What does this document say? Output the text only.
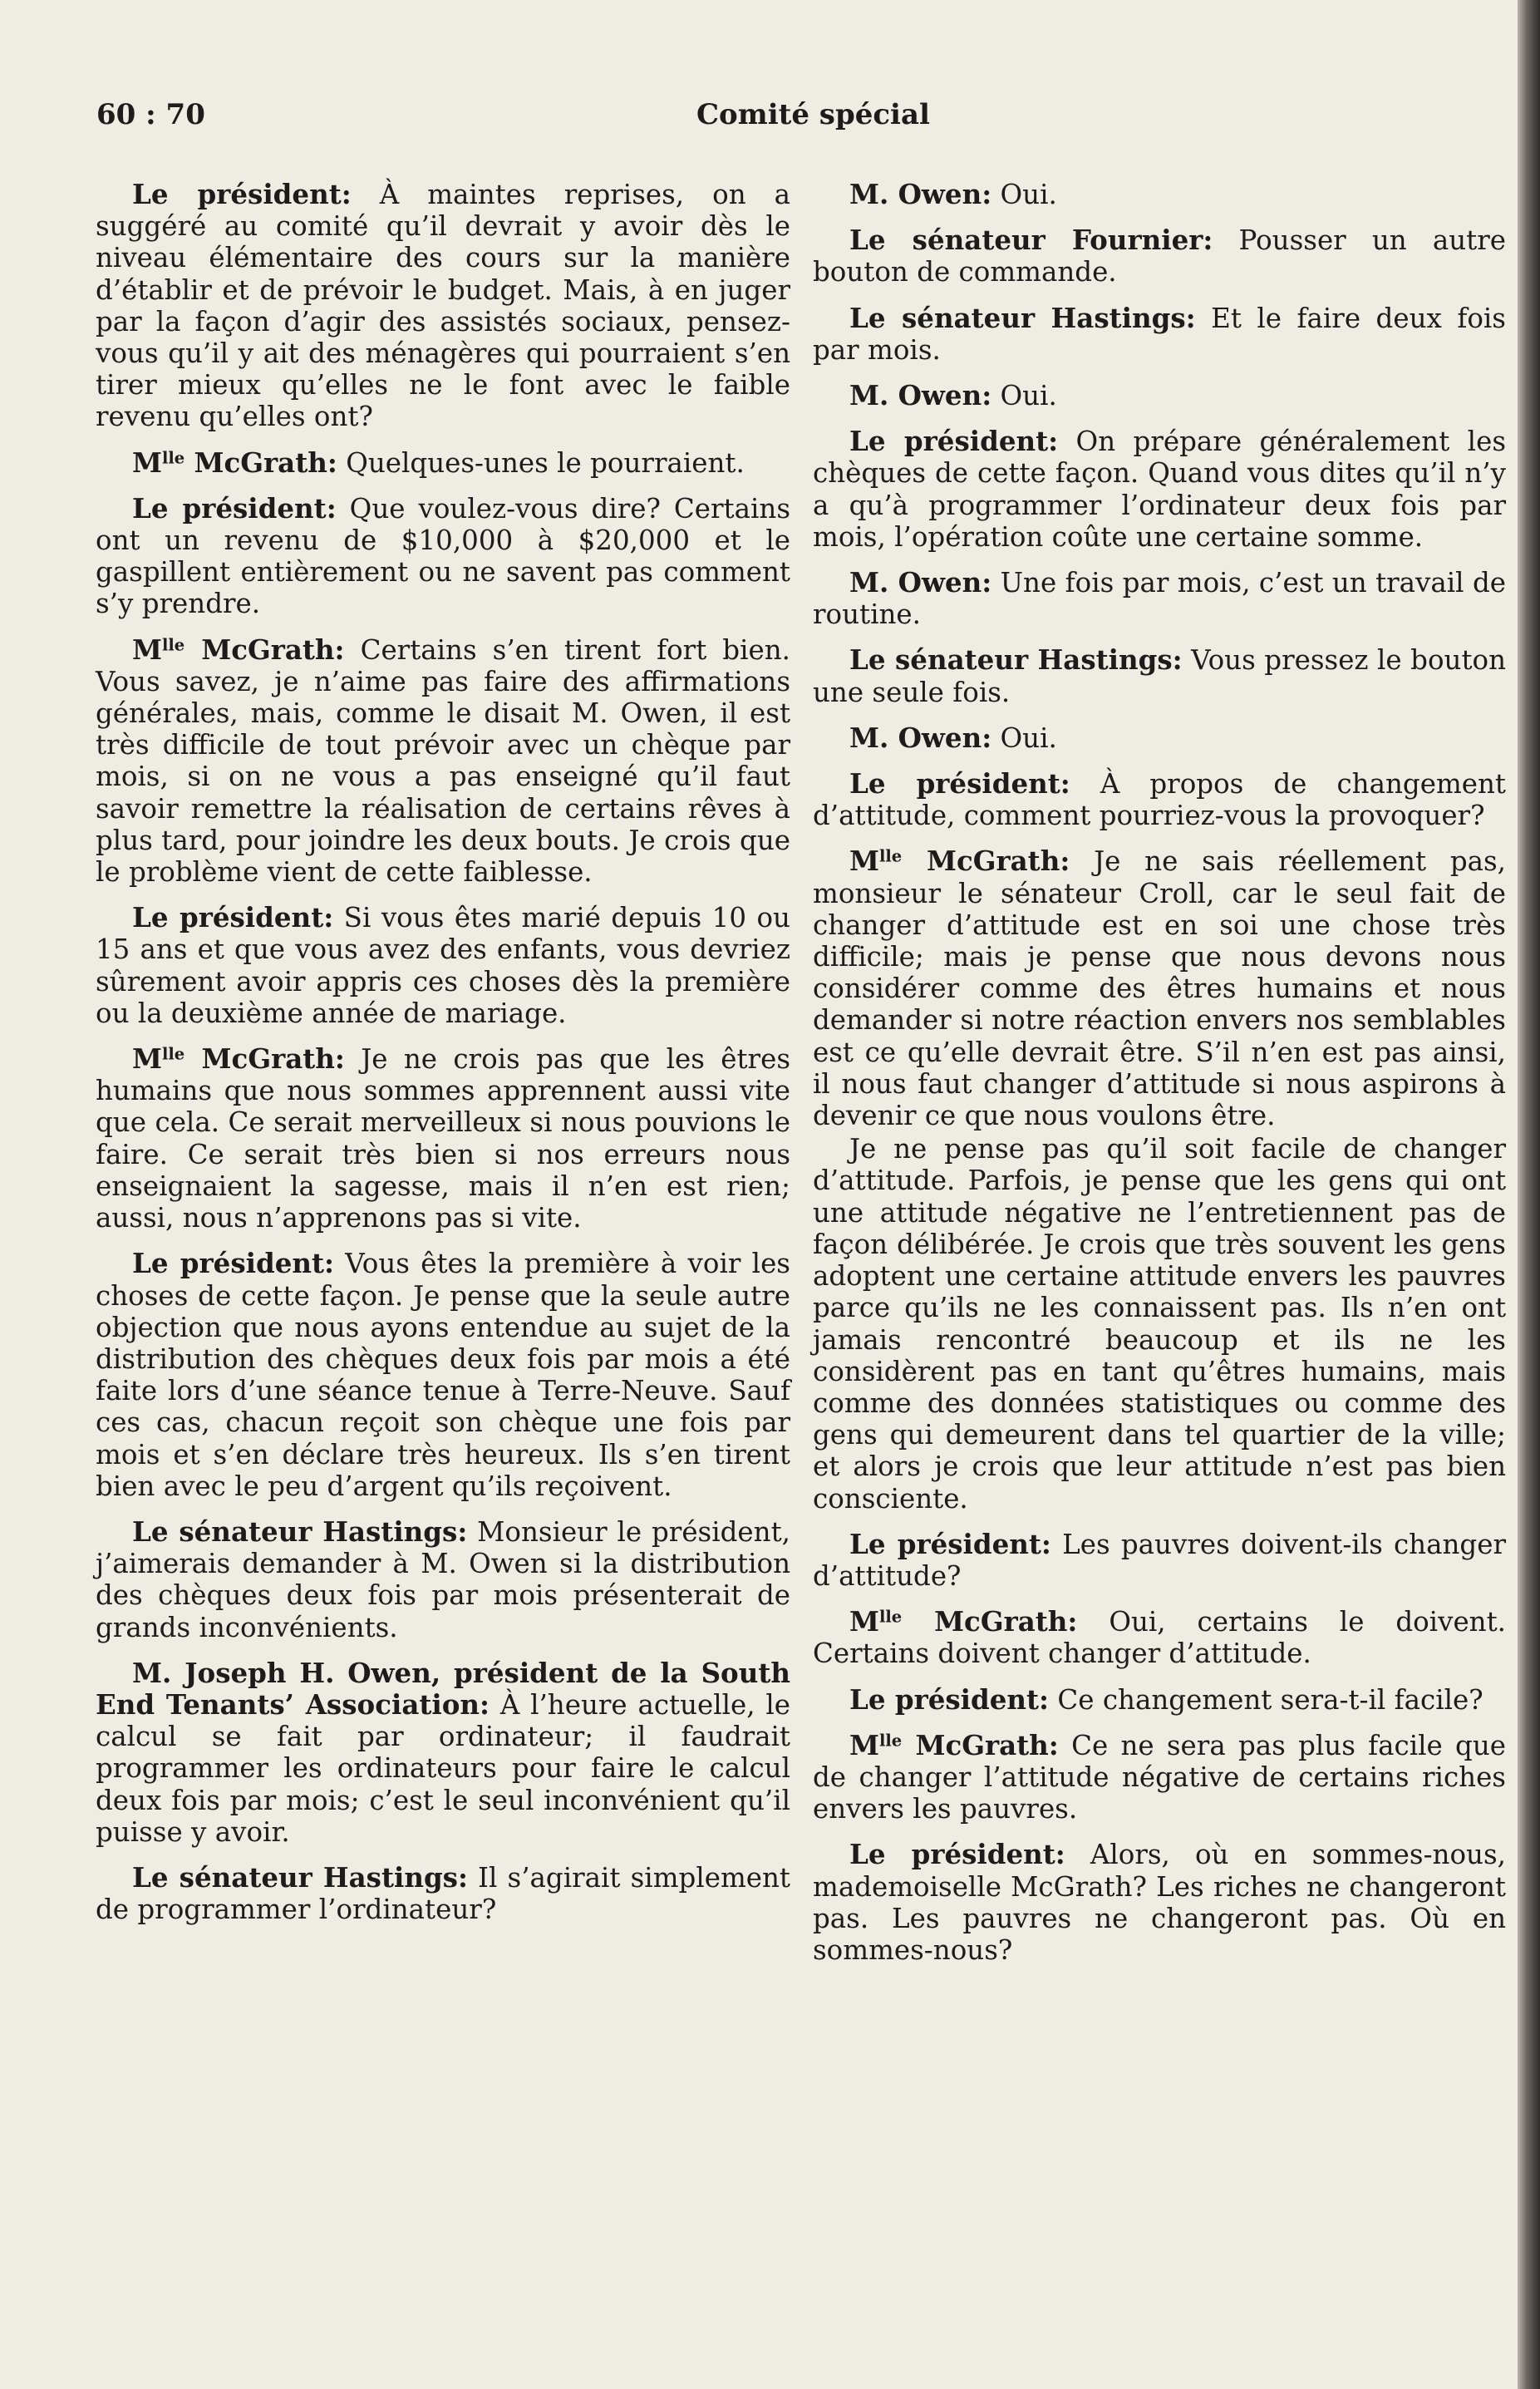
60 : 70	Comité spécial

Le président: À maintes reprises, on a suggéré au comité qu’il devrait y avoir dès le niveau élémentaire des cours sur la manière d’établir et de prévoir le budget. Mais, à en juger par la façon d’agir des assistés sociaux, pensez-vous qu’il y ait des ménagères qui pourraient s’en tirer mieux qu’elles ne le font avec le faible revenu qu’elles ont?

$M^{lle}$ McGrath: Quelques-unes le pourraient.

Le président: Que voulez-vous dire? Certains ont un revenu de $10,000 à $20,000 et le gaspillent entièrement ou ne savent pas comment s’y prendre.

$M^{lle}$ McGrath: Certains s’en tirent fort bien. Vous savez, je n’aime pas faire des affirmations générales, mais, comme le disait M. Owen, il est très difficile de tout prévoir avec un chèque par mois, si on ne vous a pas enseigné qu’il faut savoir remettre la réalisation de certains rêves à plus tard, pour joindre les deux bouts. Je crois que le problème vient de cette faiblesse.

Le président: Si vous êtes marié depuis 10 ou 15 ans et que vous avez des enfants, vous devriez sûrement avoir appris ces choses dès la première ou la deuxième année de mariage.

$M^{lle}$ McGrath: Je ne crois pas que les êtres humains que nous sommes apprennent aussi vite que cela. Ce serait merveilleux si nous pouvions le faire. Ce serait très bien si nos erreurs nous enseignaient la sagesse, mais il n’en est rien; aussi, nous n’apprenons pas si vite.

Le président: Vous êtes la première à voir les choses de cette façon. Je pense que la seule autre objection que nous ayons entendue au sujet de la distribution des chèques deux fois par mois a été faite lors d’une séance tenue à Terre-Neuve. Sauf ces cas, chacun reçoit son chèque une fois par mois et s’en déclare très heureux. Ils s’en tirent bien avec le peu d’argent qu’ils reçoivent.

Le sénateur Hastings: Monsieur le président, j’aimerais demander à M. Owen si la distribution des chèques deux fois par mois présenterait de grands inconvénients.

M. Joseph H. Owen, président de la South End Tenants’ Association: À l’heure actuelle, le calcul se fait par ordinateur; il faudrait programmer les ordinateurs pour faire le calcul deux fois par mois; c’est le seul inconvénient qu’il puisse y avoir.

Le sénateur Hastings: Il s’agirait simplement de programmer l’ordinateur?

M. Owen: Oui.

Le sénateur Fournier: Pousser un autre bouton de commande.

Le sénateur Hastings: Et le faire deux fois par mois.

M. Owen: Oui.

Le président: On prépare généralement les chèques de cette façon. Quand vous dites qu’il n’y a qu’à programmer l’ordinateur deux fois par mois, l’opération coûte une certaine somme.

M. Owen: Une fois par mois, c’est un travail de routine.

Le sénateur Hastings: Vous pressez le bouton une seule fois.

M. Owen: Oui.

Le président: À propos de changement d’attitude, comment pourriez-vous la provoquer?

$M^{lle}$ McGrath: Je ne sais réellement pas, monsieur le sénateur Croll, car le seul fait de changer d’attitude est en soi une chose très difficile; mais je pense que nous devons nous considérer comme des êtres humains et nous demander si notre réaction envers nos semblables est ce qu’elle devrait être. S’il n’en est pas ainsi, il nous faut changer d’attitude si nous aspirons à devenir ce que nous voulons être.

Je ne pense pas qu’il soit facile de changer d’attitude. Parfois, je pense que les gens qui ont une attitude négative ne l’entretiennent pas de façon délibérée. Je crois que très souvent les gens adoptent une certaine attitude envers les pauvres parce qu’ils ne les connaissent pas. Ils n’en ont jamais rencontré beaucoup et ils ne les considèrent pas en tant qu’êtres humains, mais comme des données statistiques ou comme des gens qui demeurent dans tel quartier de la ville; et alors je crois que leur attitude n’est pas bien consciente.

Le président: Les pauvres doivent-ils changer d’attitude?

$M^{lle}$ McGrath: Oui, certains le doivent. Certains doivent changer d’attitude.

Le président: Ce changement sera-t-il facile?

$M^{lle}$ McGrath: Ce ne sera pas plus facile que de changer l’attitude négative de certains riches envers les pauvres.

Le président: Alors, où en sommes-nous, mademoiselle McGrath? Les riches ne changeront pas. Les pauvres ne changeront pas. Où en sommes-nous?
